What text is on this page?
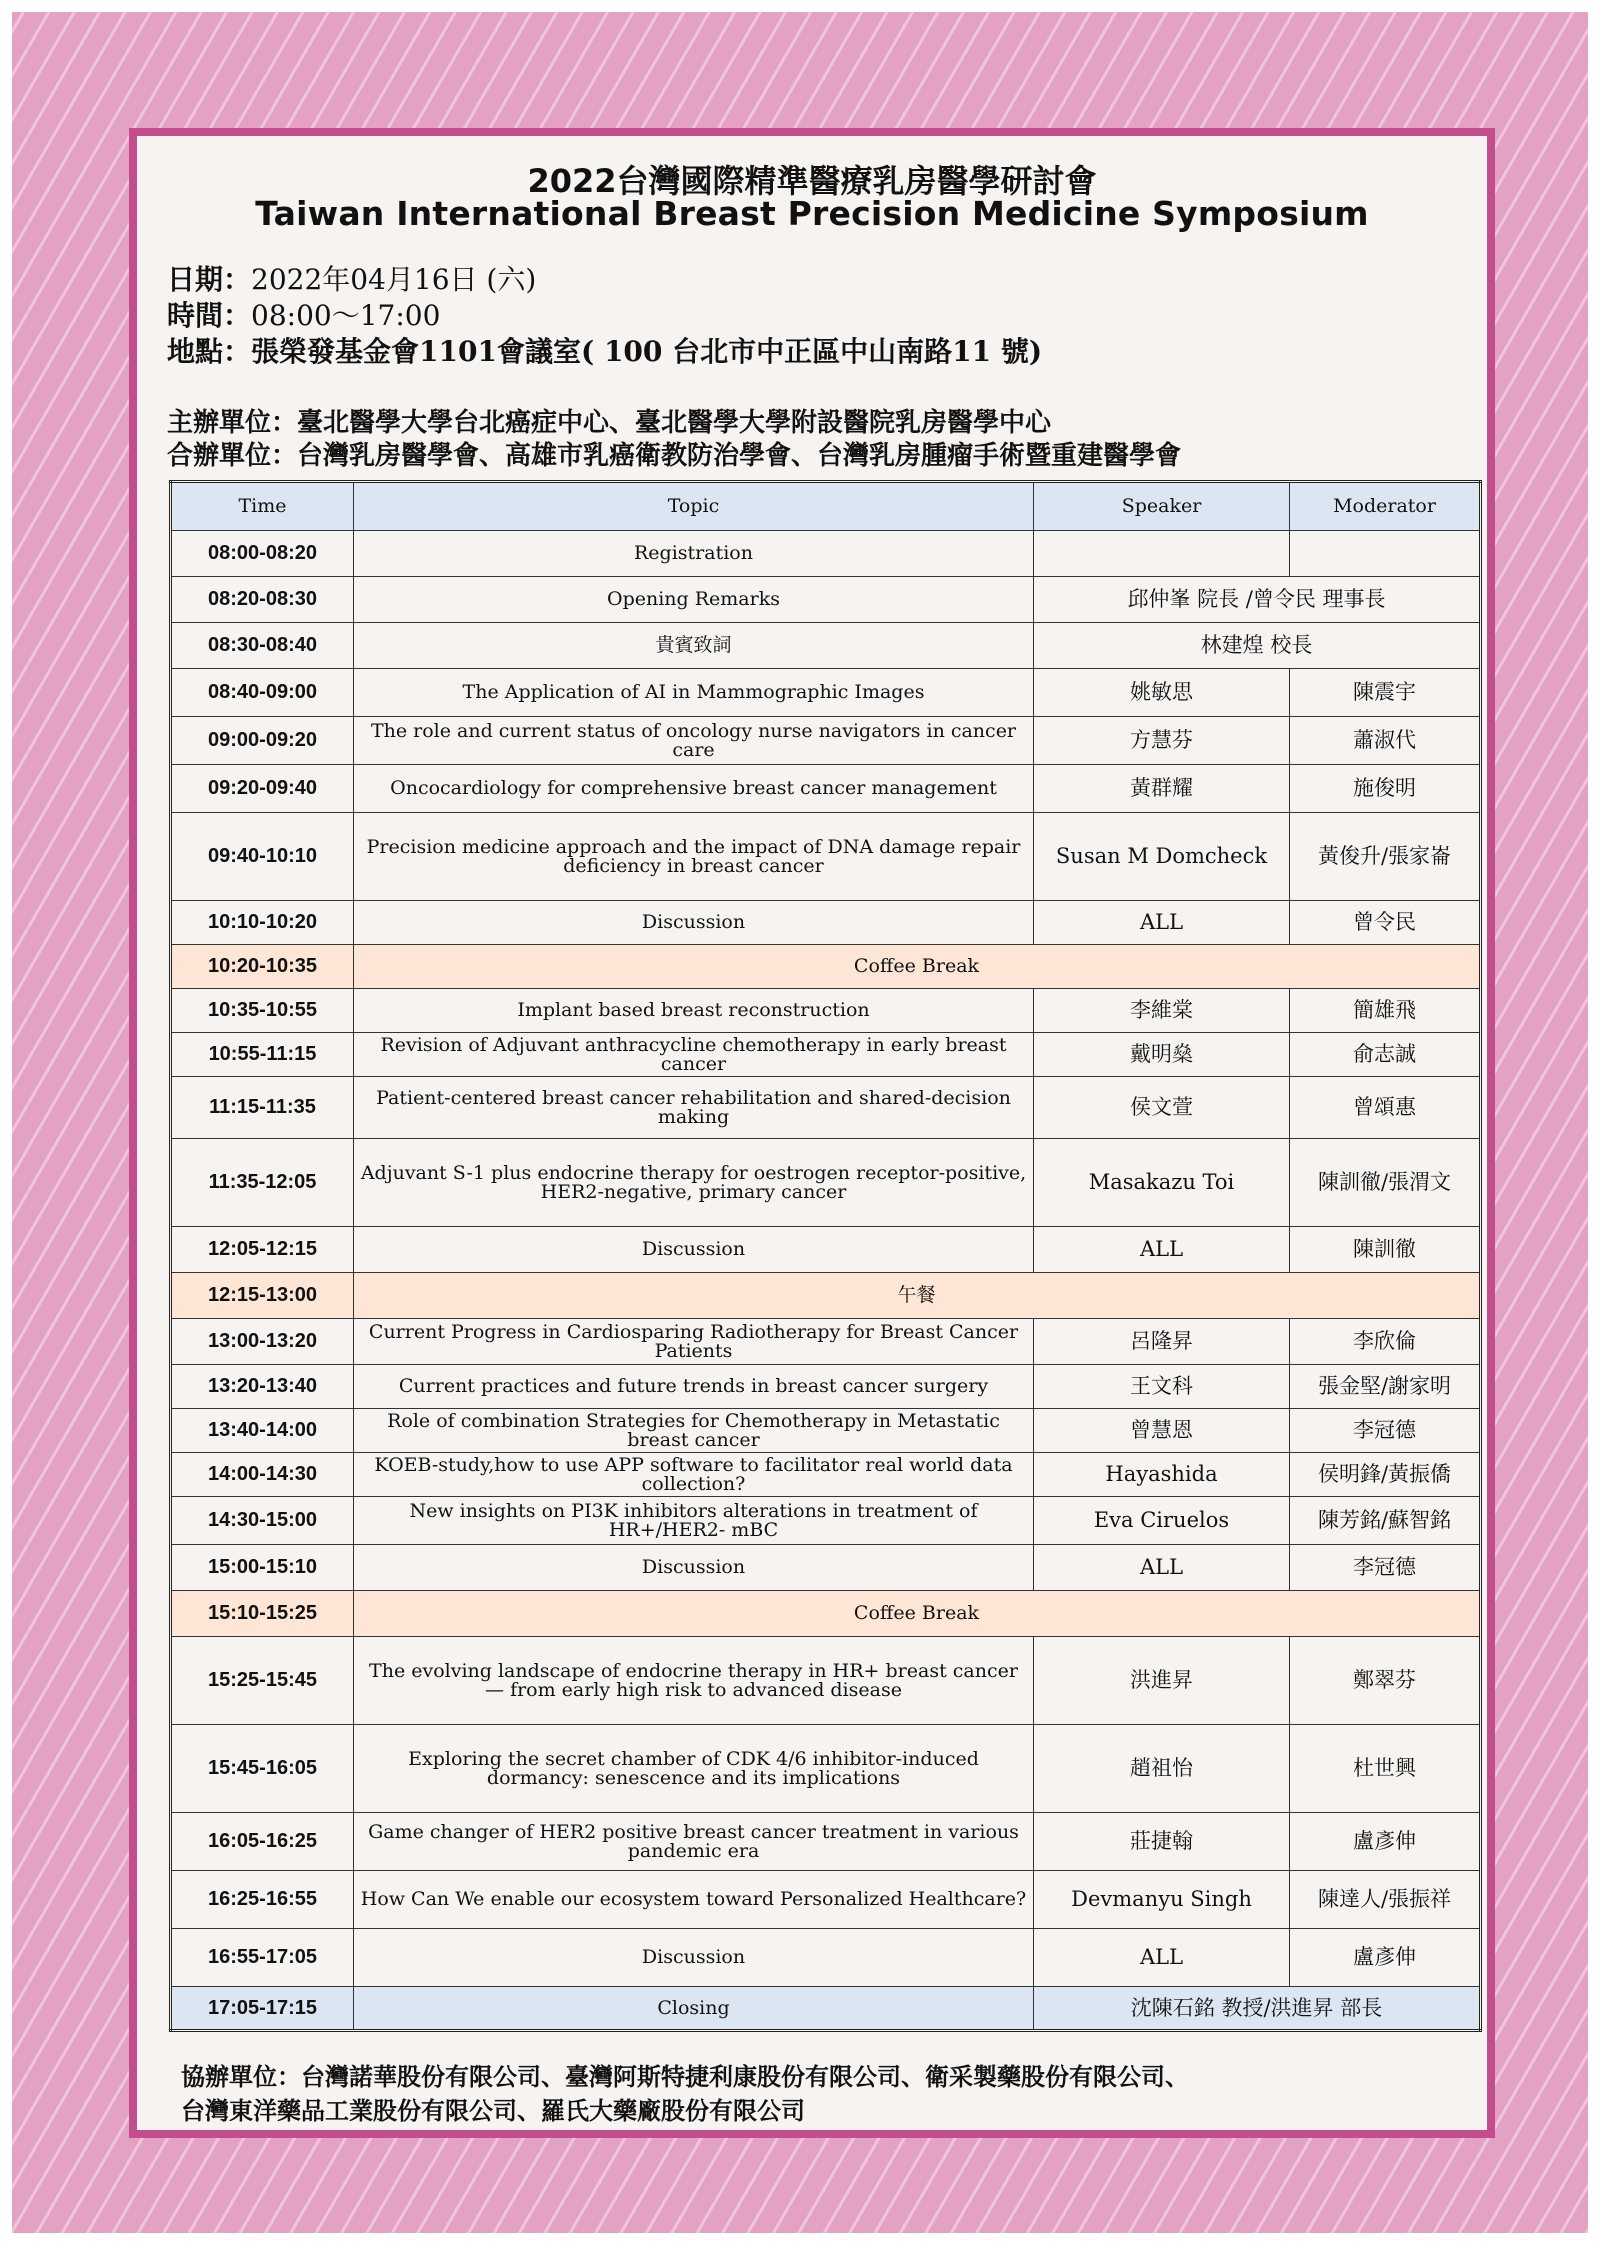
2022台灣國際精準醫療乳房醫學研討會
Taiwan International Breast Precision Medicine Symposium
日期：2022年04月16日 (六)
時間：08:00～17:00
地點：張榮發基金會1101會議室( 100 台北市中正區中山南路11 號)
主辦單位：臺北醫學大學台北癌症中心、臺北醫學大學附設醫院乳房醫學中心
合辦單位：台灣乳房醫學會、高雄市乳癌衛教防治學會、台灣乳房腫瘤手術暨重建醫學會
Time	Topic	Speaker	Moderator
08:00-08:20	Registration		
08:20-08:30	Opening Remarks	邱仲峯 院長 /曾令民 理事長	
08:30-08:40	貴賓致詞	林建煌 校長	
08:40-09:00	The Application of AI in Mammographic Images	姚敏思	陳震宇
09:00-09:20	The role and current status of oncology nurse navigators in cancer care	方慧芬	蕭淑代
09:20-09:40	Oncocardiology for comprehensive breast cancer management	黃群耀	施俊明
09:40-10:10	Precision medicine approach and the impact of DNA damage repair deficiency in breast cancer	Susan M Domcheck	黃俊升/張家崙
10:10-10:20	Discussion	ALL	曾令民
10:20-10:35	Coffee Break		
10:35-10:55	Implant based breast reconstruction	李維棠	簡雄飛
10:55-11:15	Revision of Adjuvant anthracycline chemotherapy in early breast cancer	戴明燊	俞志誠
11:15-11:35	Patient-centered breast cancer rehabilitation and shared-decision making	侯文萱	曾頌惠
11:35-12:05	Adjuvant S-1 plus endocrine therapy for oestrogen receptor-positive, HER2-negative, primary cancer	Masakazu Toi	陳訓徹/張渭文
12:05-12:15	Discussion	ALL	陳訓徹
12:15-13:00	午餐		
13:00-13:20	Current Progress in Cardiosparing Radiotherapy for Breast Cancer Patients	呂隆昇	李欣倫
13:20-13:40	Current practices and future trends in breast cancer surgery	王文科	張金堅/謝家明
13:40-14:00	Role of combination Strategies for Chemotherapy in Metastatic breast cancer	曾慧恩	李冠德
14:00-14:30	KOEB-study,how to use APP software to facilitator real world data collection?	Hayashida	侯明鋒/黃振僑
14:30-15:00	New insights on PI3K inhibitors alterations in treatment of HR+/HER2- mBC	Eva Ciruelos	陳芳銘/蘇智銘
15:00-15:10	Discussion	ALL	李冠德
15:10-15:25	Coffee Break		
15:25-15:45	The evolving landscape of endocrine therapy in HR+ breast cancer — from early high risk to advanced disease	洪進昇	鄭翠芬
15:45-16:05	Exploring the secret chamber of CDK 4/6 inhibitor-induced dormancy: senescence and its implications	趙祖怡	杜世興
16:05-16:25	Game changer of HER2 positive breast cancer treatment in various pandemic era	莊捷翰	盧彥伸
16:25-16:55	How Can We enable our ecosystem toward Personalized Healthcare?	Devmanyu Singh	陳達人/張振祥
16:55-17:05	Discussion	ALL	盧彥伸
17:05-17:15	Closing	沈陳石銘 教授/洪進昇 部長	
協辦單位：台灣諾華股份有限公司、臺灣阿斯特捷利康股份有限公司、衛采製藥股份有限公司、
台灣東洋藥品工業股份有限公司、羅氏大藥廠股份有限公司
